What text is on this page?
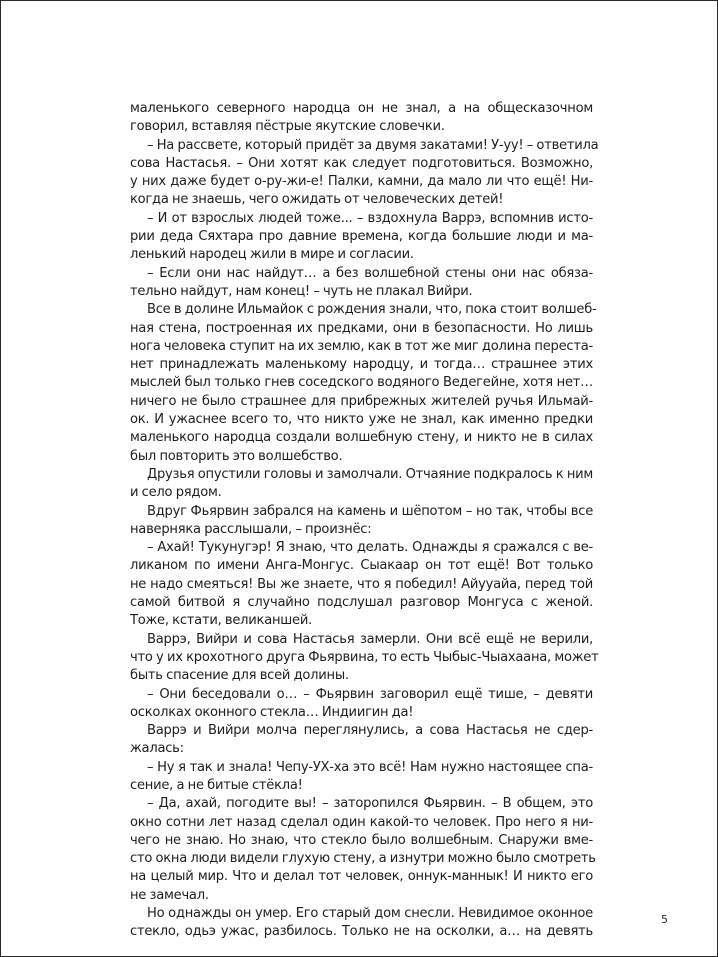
маленького северного народца он не знал, а на общесказочном
говорил, вставляя пёстрые якутские словечки.
– На рассвете, который придёт за двумя закатами! У-уу! – ответила
сова Настасья. – Они хотят как следует подготовиться. Возможно,
у них даже будет о-ру-жи-е! Палки, камни, да мало ли что ещё! Ни-
когда не знаешь, чего ожидать от человеческих детей!
– И от взрослых людей тоже... – вздохнула Варрэ, вспомнив исто-
рии деда Сяхтара про давние времена, когда большие люди и ма-
ленький народец жили в мире и согласии.
– Если они нас найдут… а без волшебной стены они нас обяза-
тельно найдут, нам конец! – чуть не плакал Вийри.
Все в долине Ильмайок с рождения знали, что, пока стоит волшеб-
ная стена, построенная их предками, они в безопасности. Но лишь
нога человека ступит на их землю, как в тот же миг долина переста-
нет принадлежать маленькому народцу, и тогда… страшнее этих
мыслей был только гнев соседского водяного Ведегейне, хотя нет…
ничего не было страшнее для прибрежных жителей ручья Ильмай-
ок. И ужаснее всего то, что никто уже не знал, как именно предки
маленького народца создали волшебную стену, и никто не в силах
был повторить это волшебство.
Друзья опустили головы и замолчали. Отчаяние подкралось к ним
и село рядом.
Вдруг Фьярвин забрался на камень и шёпотом – но так, чтобы все
наверняка расслышали, – произнёс:
– Ахай! Тукунугэр! Я знаю, что делать. Однажды я сражался с ве-
ликаном по имени Анга-Монгус. Сыакаар он тот ещё! Вот только
не надо смеяться! Вы же знаете, что я победил! Айууайа, перед той
самой битвой я случайно подслушал разговор Монгуса с женой.
Тоже, кстати, великаншей.
Варрэ, Вийри и сова Настасья замерли. Они всё ещё не верили,
что у их крохотного друга Фьярвина, то есть Чыбыс-Чыахаана, может
быть спасение для всей долины.
– Они беседовали о… – Фьярвин заговорил ещё тише, – девяти
осколках оконного стекла… Индиигин да!
Варрэ и Вийри молча переглянулись, а сова Настасья не сдер-
жалась:
– Ну я так и знала! Чепу-УХ-ха это всё! Нам нужно настоящее спа-
сение, а не битые стёкла!
– Да, ахай, погодите вы! – заторопился Фьярвин. – В общем, это
окно сотни лет назад сделал один какой-то человек. Про него я ни-
чего не знаю. Но знаю, что стекло было волшебным. Снаружи вме-
сто окна люди видели глухую стену, а изнутри можно было смотреть
на целый мир. Что и делал тот человек, оннук-маннык! И никто его
не замечал.
Но однажды он умер. Его старый дом снесли. Невидимое оконное
стекло, одьэ ужас, разбилось. Только не на осколки, а… на девять
5
